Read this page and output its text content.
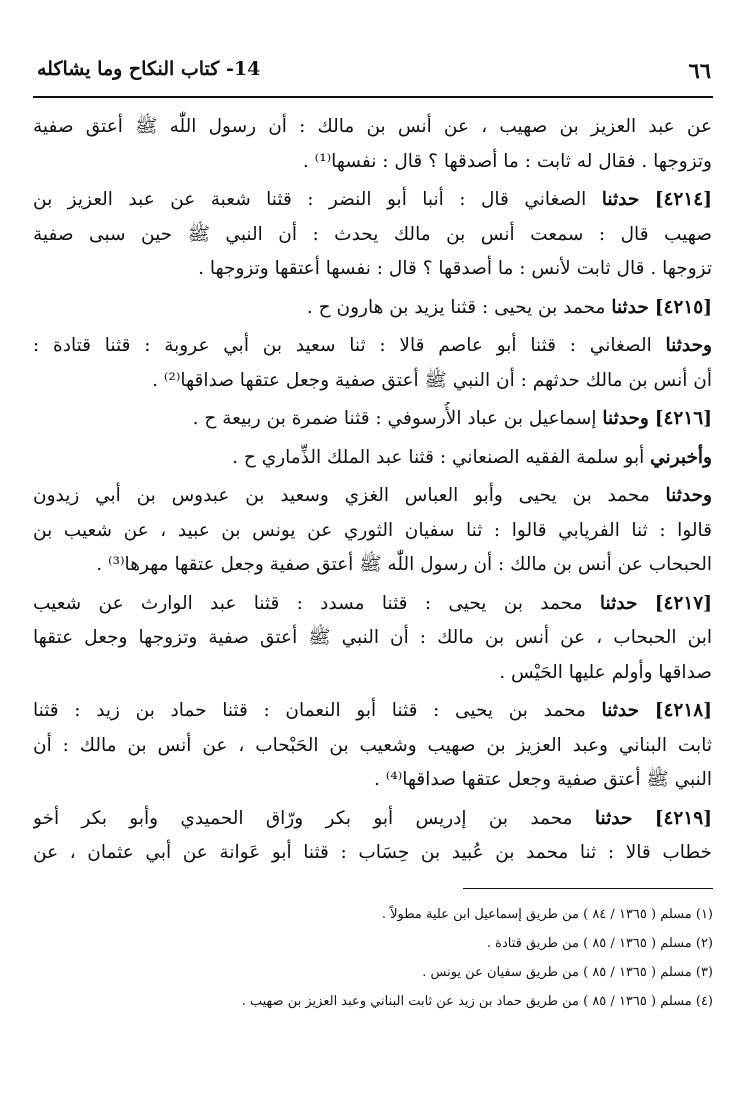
٦٦
14- كتاب النكاح وما يشاكله
عن عبد العزيز بن صهيب ، عن أنس بن مالك : أن رسول اللّٰه ﷺ أعتق صفية
وتزوجها . فقال له ثابت : ما أصدقها ؟ قال : نفسها⁽¹⁾ .
[٤٢١٤] حدثنا الصغاني قال : أنبا أبو النضر : قثنا شعبة عن عبد العزيز بن
صهيب قال : سمعت أنس بن مالك يحدث : أن النبي ﷺ حين سبى صفية
تزوجها . قال ثابت لأنس : ما أصدقها ؟ قال : نفسها أعتقها وتزوجها .
[٤٢١٥] حدثنا محمد بن يحيى : قثنا يزيد بن هارون ح .
وحدثنا الصغاني : قثنا أبو عاصم قالا : ثنا سعيد بن أبي عروبة : قثنا قتادة :
أن أنس بن مالك حدثهم : أن النبي ﷺ أعتق صفية وجعل عتقها صداقها⁽²⁾ .
[٤٢١٦] وحدثنا إسماعيل بن عباد الأُرسوفي : قثنا ضمرة بن ربيعة ح .
وأخبرني أبو سلمة الفقيه الصنعاني : قثنا عبد الملك الذِّماري ح .
وحدثنا محمد بن يحيى وأبو العباس الغزي وسعيد بن عبدوس بن أبي زيدون
قالوا : ثنا الفريابي قالوا : ثنا سفيان الثوري عن يونس بن عبيد ، عن شعيب بن
الحبحاب عن أنس بن مالك : أن رسول اللّٰه ﷺ أعتق صفية وجعل عتقها مهرها⁽³⁾ .
[٤٢١٧] حدثنا محمد بن يحيى : قثنا مسدد : قثنا عبد الوارث عن شعيب
ابن الحبحاب ، عن أنس بن مالك : أن النبي ﷺ أعتق صفية وتزوجها وجعل عتقها
صداقها وأولم عليها الحَيْس .
[٤٢١٨] حدثنا محمد بن يحيى : قثنا أبو النعمان : قثنا حماد بن زيد : قثنا
ثابت البناني وعبد العزيز بن صهيب وشعيب بن الحَبْحاب ، عن أنس بن مالك : أن
النبي ﷺ أعتق صفية وجعل عتقها صداقها⁽⁴⁾ .
[٤٢١٩] حدثنا محمد بن إدريس أبو بكر ورّاق الحميدي وأبو بكر أخو
خطاب قالا : ثنا محمد بن عُبيد بن حِسَاب : قثنا أبو عَوانة عن أبي عثمان ، عن
(١) مسلم ( ١٣٦٥ / ٨٤ ) من طريق إسماعيل ابن علية مطولاً .
(٢) مسلم ( ١٣٦٥ / ٨٥ ) من طريق قتادة .
(٣) مسلم ( ١٣٦٥ / ٨٥ ) من طريق سفيان عن يونس .
(٤) مسلم ( ١٣٦٥ / ٨٥ ) من طريق حماد بن زيد عن ثابت البناني وعبد العزيز بن صهيب .
